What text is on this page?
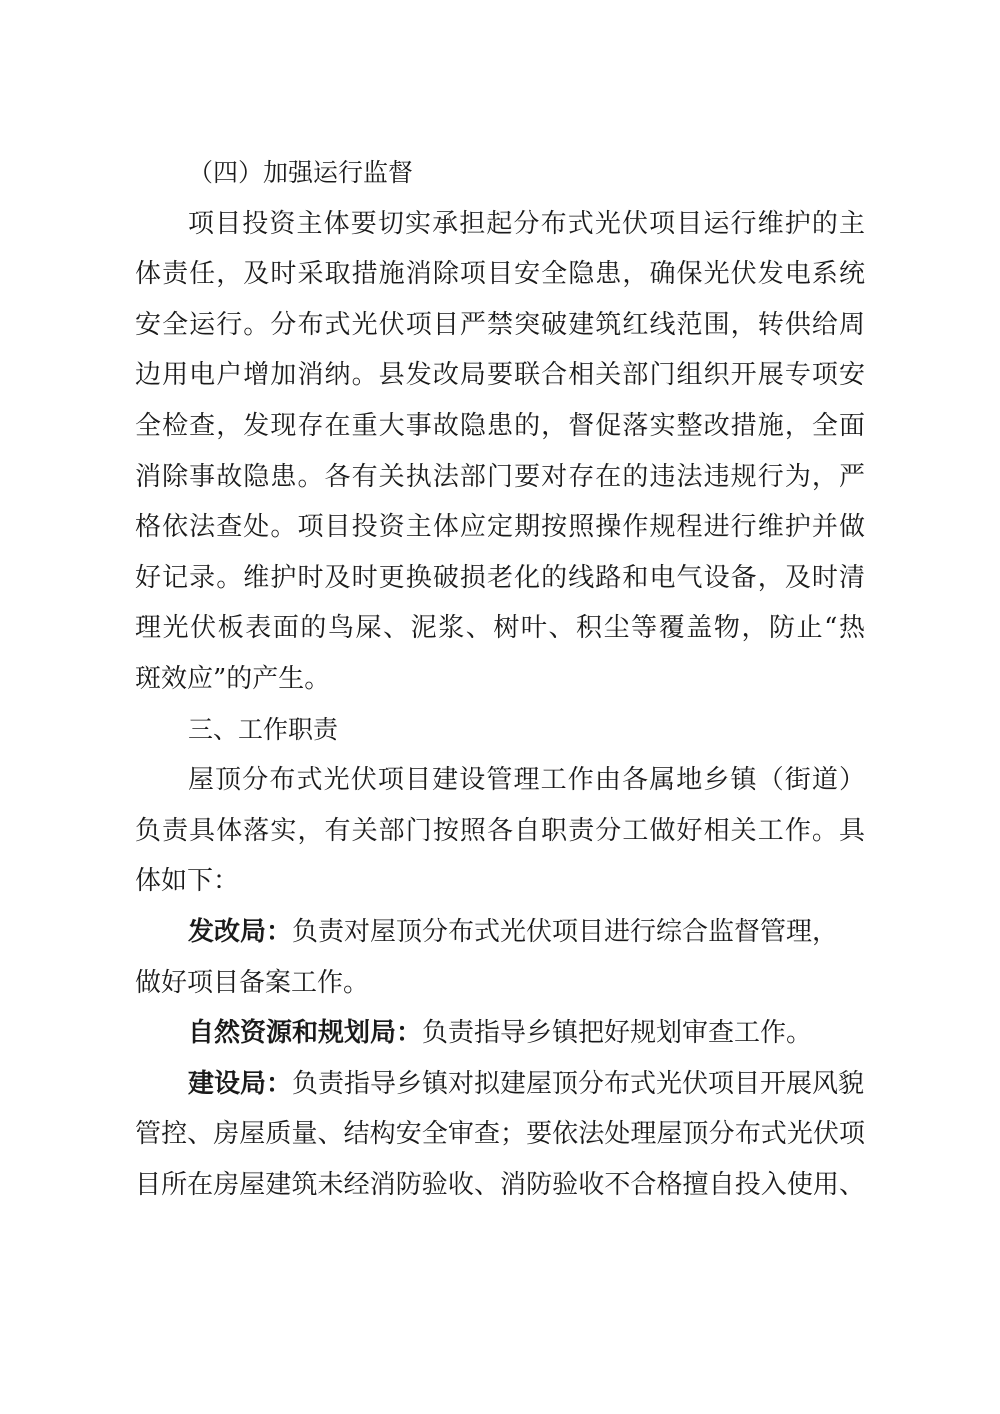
（四）加强运行监督
项目投资主体要切实承担起分布式光伏项目运行维护的主
体责任，及时采取措施消除项目安全隐患，确保光伏发电系统
安全运行。分布式光伏项目严禁突破建筑红线范围，转供给周
边用电户增加消纳。县发改局要联合相关部门组织开展专项安
全检查，发现存在重大事故隐患的，督促落实整改措施，全面
消除事故隐患。各有关执法部门要对存在的违法违规行为，严
格依法查处。项目投资主体应定期按照操作规程进行维护并做
好记录。维护时及时更换破损老化的线路和电气设备，及时清
理光伏板表面的鸟屎、泥浆、树叶、积尘等覆盖物，防止“热
斑效应”的产生。
三、工作职责
屋顶分布式光伏项目建设管理工作由各属地乡镇（街道）
负责具体落实，有关部门按照各自职责分工做好相关工作。具
体如下：
发改局：负责对屋顶分布式光伏项目进行综合监督管理，
做好项目备案工作。
自然资源和规划局：负责指导乡镇把好规划审查工作。
建设局：负责指导乡镇对拟建屋顶分布式光伏项目开展风貌
管控、房屋质量、结构安全审查；要依法处理屋顶分布式光伏项
目所在房屋建筑未经消防验收、消防验收不合格擅自投入使用、
